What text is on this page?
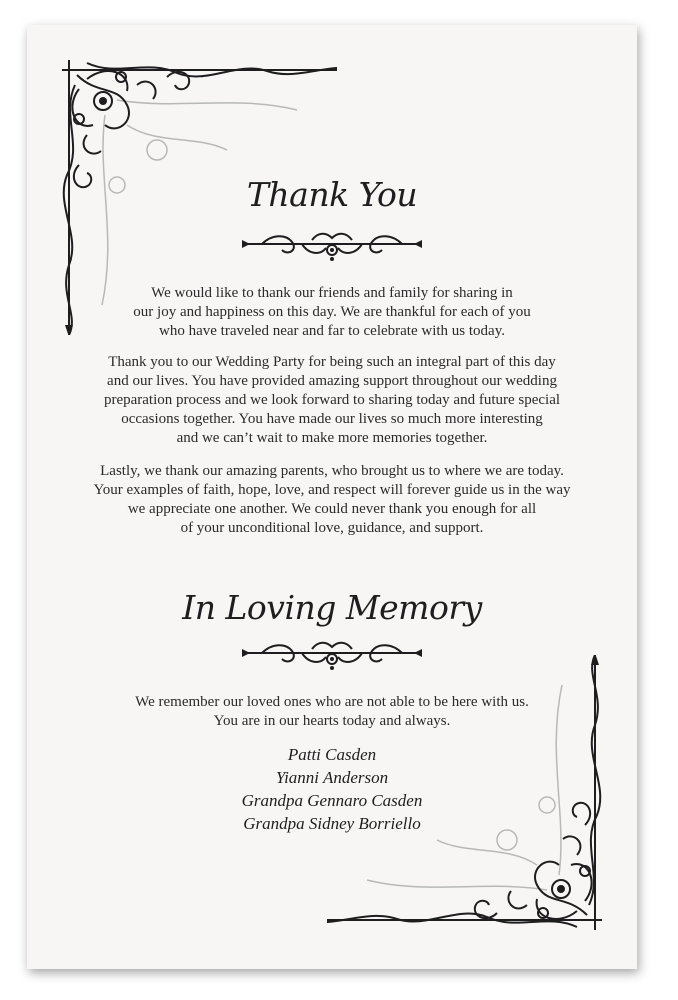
Thank You
We would like to thank our friends and family for sharing in
our joy and happiness on this day. We are thankful for each of you
who have traveled near and far to celebrate with us today.
Thank you to our Wedding Party for being such an integral part of this day
and our lives. You have provided amazing support throughout our wedding
preparation process and we look forward to sharing today and future special
occasions together. You have made our lives so much more interesting
and we can’t wait to make more memories together.
Lastly, we thank our amazing parents, who brought us to where we are today.
Your examples of faith, hope, love, and respect will forever guide us in the way
we appreciate one another. We could never thank you enough for all
of your unconditional love, guidance, and support.
In Loving Memory
We remember our loved ones who are not able to be here with us.
You are in our hearts today and always.
Patti Casden
Yianni Anderson
Grandpa Gennaro Casden
Grandpa Sidney Borriello
